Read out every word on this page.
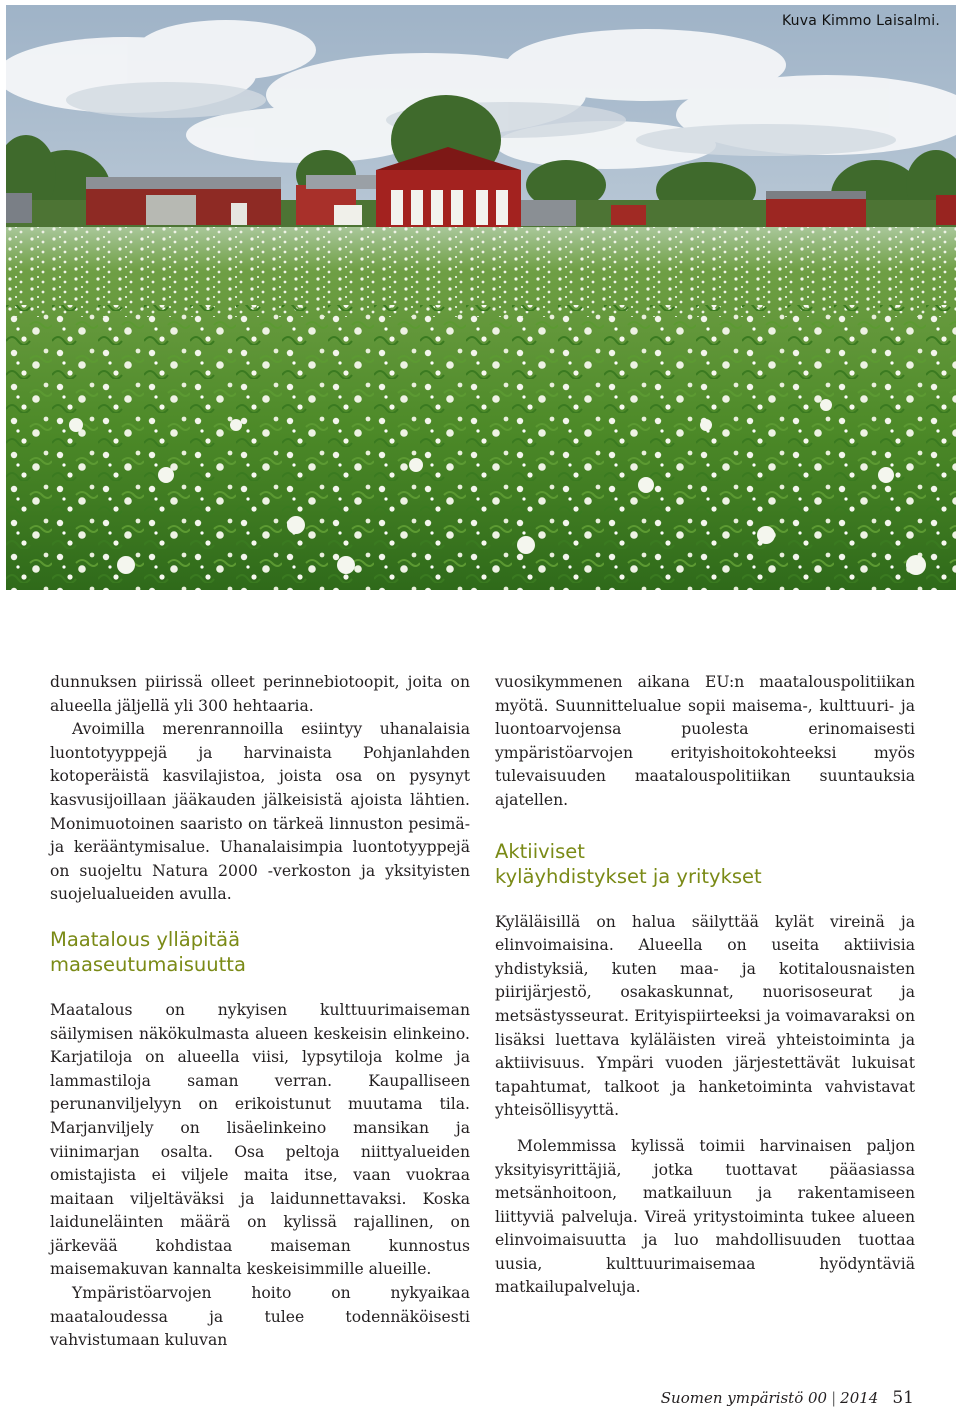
Kuva Kimmo Laisalmi.

dunnuksen piirissä olleet perinnebiotoopit, joita on alueella jäljellä yli 300 hehtaaria.

Avoimilla merenrannoilla esiintyy uhanalaisia luontotyyppejä ja harvinaista Pohjanlahden kotoperäistä kasvilajistoa, joista osa on pysynyt kasvusijoillaan jääkauden jälkeisistä ajoista lähtien. Monimuotoinen saaristo on tärkeä linnuston pesimä- ja kerääntymisalue. Uhanalaisimpia luontotyyppejä on suojeltu Natura 2000 -verkoston ja yksityisten suojelualueiden avulla.

Maatalous ylläpitää maaseutumaisuutta

Maatalous on nykyisen kulttuurimaiseman säilymisen näkökulmasta alueen keskeisin elinkeino. Karjatiloja on alueella viisi, lypsytiloja kolme ja lammastiloja saman verran. Kaupalliseen perunanviljelyyn on erikoistunut muutama tila. Marjanviljely on lisäelinkeino mansikan ja viinimarjan osalta. Osa peltoja niittyalueiden omistajista ei viljele maita itse, vaan vuokraa maitaan viljeltäväksi ja laidunnettavaksi. Koska laiduneläinten määrä on kylissä rajallinen, on järkevää kohdistaa maiseman kunnostus maisemakuvan kannalta keskeisimmille alueille.

Ympäristöarvojen hoito on nykyaikaa maataloudessa ja tulee todennäköisesti vahvistumaan kuluvan

vuosikymmenen aikana EU:n maatalouspolitiikan myötä. Suunnittelualue sopii maisema-, kulttuuri- ja luontoarvojensa puolesta erinomaisesti ympäristöarvojen erityishoitokohteeksi myös tulevaisuuden maatalouspolitiikan suuntauksia ajatellen.

Aktiiviset
kyläyhdistykset ja yritykset

Kyläläisillä on halua säilyttää kylät vireinä ja elinvoimaisina. Alueella on useita aktiivisia yhdistyksiä, kuten maa- ja kotitalousnaisten piirijärjestö, osakaskunnat, nuorisoseurat ja metsästysseurat. Erityispiirteeksi ja voimavaraksi on lisäksi luettava kyläläisten vireä yhteistoiminta ja aktiivisuus. Ympäri vuoden järjestettävät lukuisat tapahtumat, talkoot ja hanketoiminta vahvistavat yhteisöllisyyttä.

Molemmissa kylissä toimii harvinaisen paljon yksityisyrittäjiä, jotka tuottavat pääasiassa metsänhoitoon, matkailuun ja rakentamiseen liittyviä palveluja. Vireä yritystoiminta tukee alueen elinvoimaisuutta ja luo mahdollisuuden tuottaa uusia, kulttuurimaisemaa hyödyntäviä matkailupalveluja.

Suomen ympäristö 00 | 2014 51
